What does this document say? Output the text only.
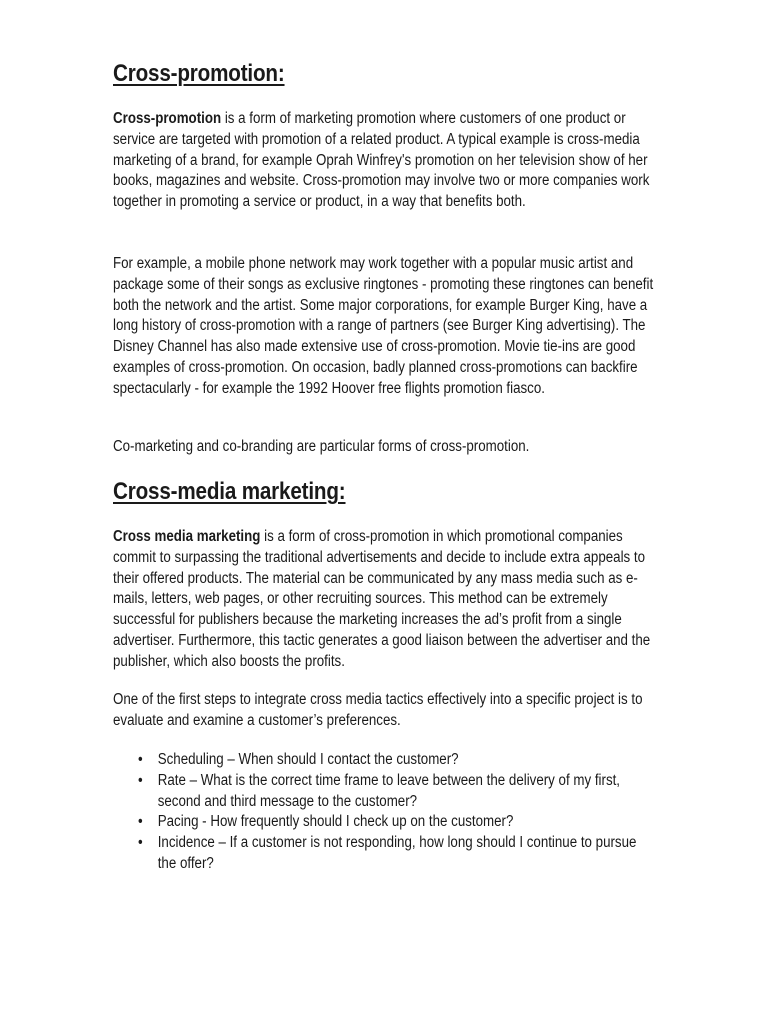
Cross-promotion:

Cross-promotion is a form of marketing promotion where customers of one product or service are targeted with promotion of a related product. A typical example is cross-media marketing of a brand, for example Oprah Winfrey's promotion on her television show of her books, magazines and website. Cross-promotion may involve two or more companies work together in promoting a service or product, in a way that benefits both.

For example, a mobile phone network may work together with a popular music artist and package some of their songs as exclusive ringtones - promoting these ringtones can benefit both the network and the artist. Some major corporations, for example Burger King, have a long history of cross-promotion with a range of partners (see Burger King advertising). The Disney Channel has also made extensive use of cross-promotion. Movie tie-ins are good examples of cross-promotion. On occasion, badly planned cross-promotions can backfire spectacularly - for example the 1992 Hoover free flights promotion fiasco.

Co-marketing and co-branding are particular forms of cross-promotion.

Cross-media marketing:

Cross media marketing is a form of cross-promotion in which promotional companies commit to surpassing the traditional advertisements and decide to include extra appeals to their offered products. The material can be communicated by any mass media such as e-mails, letters, web pages, or other recruiting sources. This method can be extremely successful for publishers because the marketing increases the ad’s profit from a single advertiser. Furthermore, this tactic generates a good liaison between the advertiser and the publisher, which also boosts the profits.

One of the first steps to integrate cross media tactics effectively into a specific project is to evaluate and examine a customer’s preferences.

• Scheduling – When should I contact the customer?
• Rate – What is the correct time frame to leave between the delivery of my first, second and third message to the customer?
• Pacing - How frequently should I check up on the customer?
• Incidence – If a customer is not responding, how long should I continue to pursue the offer?
